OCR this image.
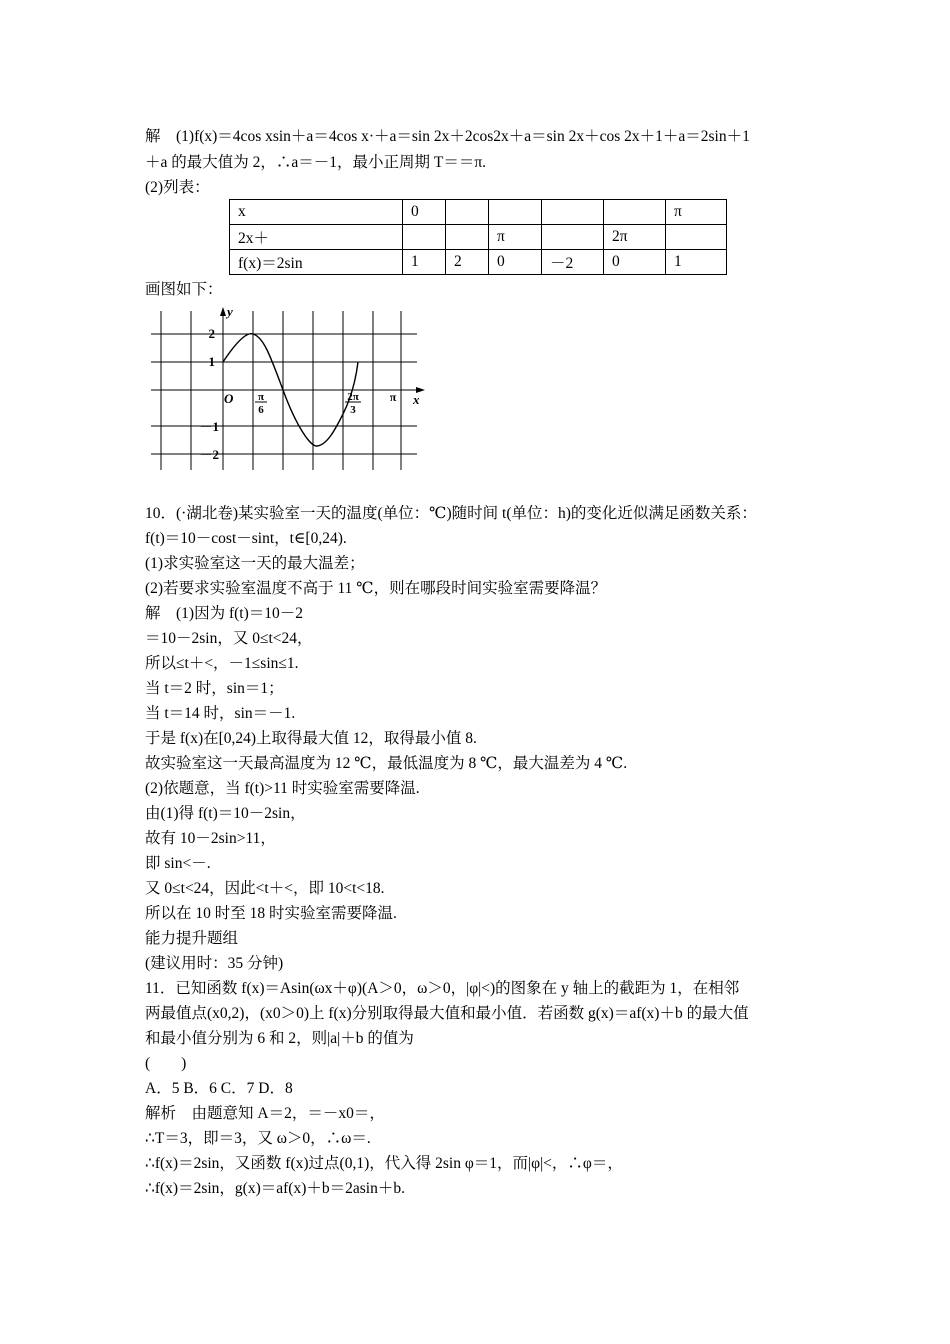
解　(1)f(x)＝4cos xsin＋a＝4cos x·＋a＝sin 2x＋2cos2x＋a＝sin 2x＋cos 2x＋1＋a＝2sin＋1
＋a 的最大值为 2，∴a＝－1，最小正周期 T＝＝π.
(2)列表：
x	0					π
2x＋			π		2π	
f(x)＝2sin	1	2	0	－2	0	1
画图如下：
y
x
O
2
1
－1
－2
π
6
2π
3
π
10．(·湖北卷)某实验室一天的温度(单位：℃)随时间 t(单位：h)的变化近似满足函数关系：
f(t)＝10－cost－sint，t∈[0,24).
(1)求实验室这一天的最大温差；
(2)若要求实验室温度不高于 11 ℃，则在哪段时间实验室需要降温？
解　(1)因为 f(t)＝10－2
＝10－2sin，又 0≤t<24，
所以≤t＋<，－1≤sin≤1.
当 t＝2 时，sin＝1；
当 t＝14 时，sin＝－1.
于是 f(x)在[0,24)上取得最大值 12，取得最小值 8.
故实验室这一天最高温度为 12 ℃，最低温度为 8 ℃，最大温差为 4 ℃.
(2)依题意，当 f(t)>11 时实验室需要降温.
由(1)得 f(t)＝10－2sin，
故有 10－2sin>11，
即 sin<－.
又 0≤t<24，因此<t＋<，即 10<t<18.
所以在 10 时至 18 时实验室需要降温.
能力提升题组
(建议用时：35 分钟)
11．已知函数 f(x)＝Asin(ωx＋φ)(A＞0，ω＞0，|φ|<)的图象在 y 轴上的截距为 1，在相邻
两最值点(x0,2)，(x0＞0)上 f(x)分别取得最大值和最小值．若函数 g(x)＝af(x)＋b 的最大值
和最小值分别为 6 和 2，则|a|＋b 的值为
(　　)
A．5 B．6 C．7 D．8
解析　由题意知 A＝2，＝－x0＝，
∴T＝3，即＝3，又 ω＞0，∴ω＝.
∴f(x)＝2sin，又函数 f(x)过点(0,1)，代入得 2sin φ＝1，而|φ|<，∴φ＝，
∴f(x)＝2sin，g(x)＝af(x)＋b＝2asin＋b.
